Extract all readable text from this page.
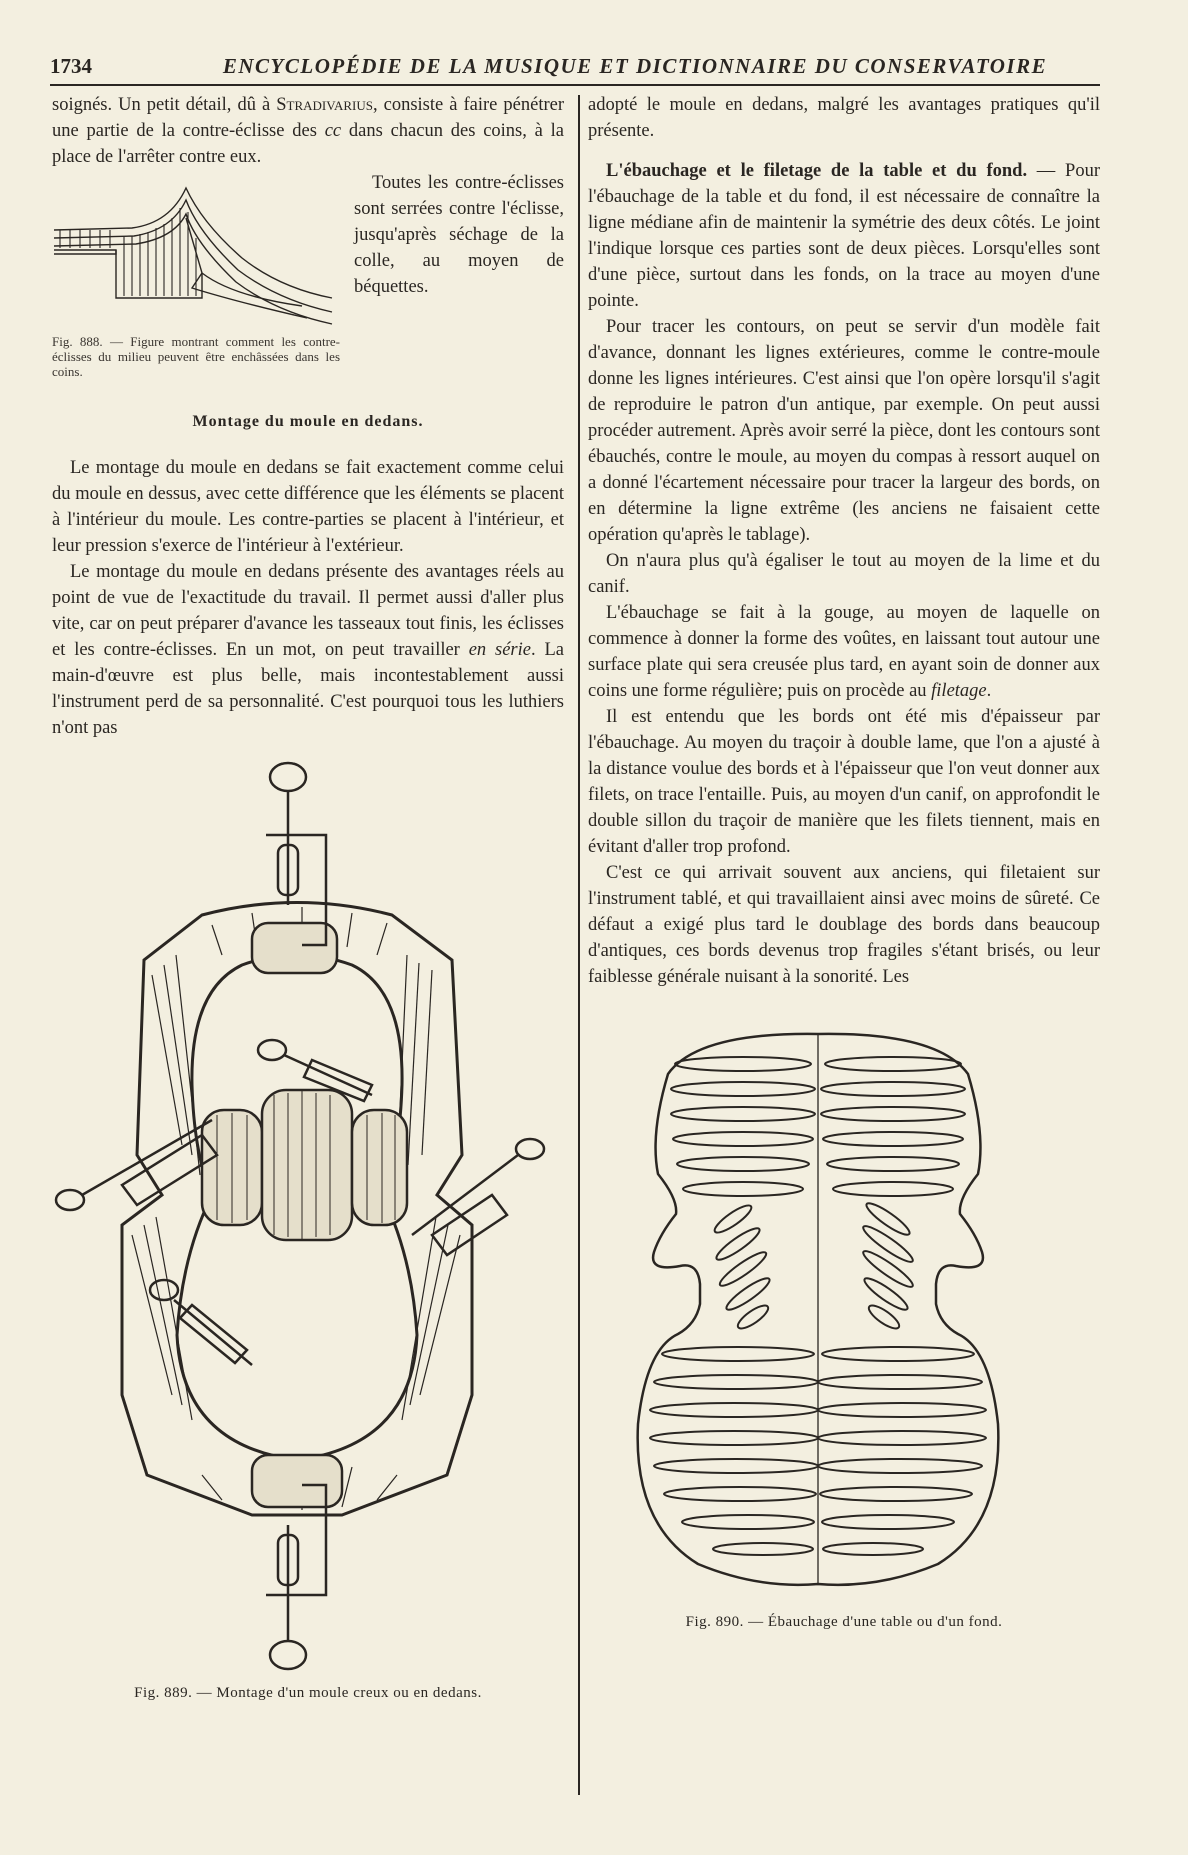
1734	ENCYCLOPÉDIE DE LA MUSIQUE ET DICTIONNAIRE DU CONSERVATOIRE

soignés. Un petit détail, dû à Stradivarius, consiste à faire pénétrer une partie de la contre-éclisse des cc dans chacun des coins, à la place de l'arrêter contre eux.

Fig. 888. — Figure montrant comment les contre-éclisses du milieu peuvent être enchâssées dans les coins.

Toutes les contre-éclisses sont serrées contre l'éclisse, jusqu'après séchage de la colle, au moyen de béquettes.

Montage du moule en dedans.

Le montage du moule en dedans se fait exactement comme celui du moule en dessus, avec cette différence que les éléments se placent à l'intérieur du moule. Les contre-parties se placent à l'intérieur, et leur pression s'exerce de l'intérieur à l'extérieur.

Le montage du moule en dedans présente des avantages réels au point de vue de l'exactitude du travail. Il permet aussi d'aller plus vite, car on peut préparer d'avance les tasseaux tout finis, les éclisses et les contre-éclisses. En un mot, on peut travailler en série. La main-d'œuvre est plus belle, mais incontestablement aussi l'instrument perd de sa personnalité. C'est pourquoi tous les luthiers n'ont pas

Fig. 889. — Montage d'un moule creux ou en dedans.

adopté le moule en dedans, malgré les avantages pratiques qu'il présente.

L'ébauchage et le filetage de la table et du fond. — Pour l'ébauchage de la table et du fond, il est nécessaire de connaître la ligne médiane afin de maintenir la symétrie des deux côtés. Le joint l'indique lorsque ces parties sont de deux pièces. Lorsqu'elles sont d'une pièce, surtout dans les fonds, on la trace au moyen d'une pointe.

Pour tracer les contours, on peut se servir d'un modèle fait d'avance, donnant les lignes extérieures, comme le contre-moule donne les lignes intérieures. C'est ainsi que l'on opère lorsqu'il s'agit de reproduire le patron d'un antique, par exemple. On peut aussi procéder autrement. Après avoir serré la pièce, dont les contours sont ébauchés, contre le moule, au moyen du compas à ressort auquel on a donné l'écartement nécessaire pour tracer la largeur des bords, on en détermine la ligne extrême (les anciens ne faisaient cette opération qu'après le tablage).

On n'aura plus qu'à égaliser le tout au moyen de la lime et du canif.

L'ébauchage se fait à la gouge, au moyen de laquelle on commence à donner la forme des voûtes, en laissant tout autour une surface plate qui sera creusée plus tard, en ayant soin de donner aux coins une forme régulière; puis on procède au filetage.

Il est entendu que les bords ont été mis d'épaisseur par l'ébauchage. Au moyen du traçoir à double lame, que l'on a ajusté à la distance voulue des bords et à l'épaisseur que l'on veut donner aux filets, on trace l'entaille. Puis, au moyen d'un canif, on approfondit le double sillon du traçoir de manière que les filets tiennent, mais en évitant d'aller trop profond.

C'est ce qui arrivait souvent aux anciens, qui filetaient sur l'instrument tablé, et qui travaillaient ainsi avec moins de sûreté. Ce défaut a exigé plus tard le doublage des bords dans beaucoup d'antiques, ces bords devenus trop fragiles s'étant brisés, ou leur faiblesse générale nuisant à la sonorité. Les

Fig. 890. — Ébauchage d'une table ou d'un fond.
